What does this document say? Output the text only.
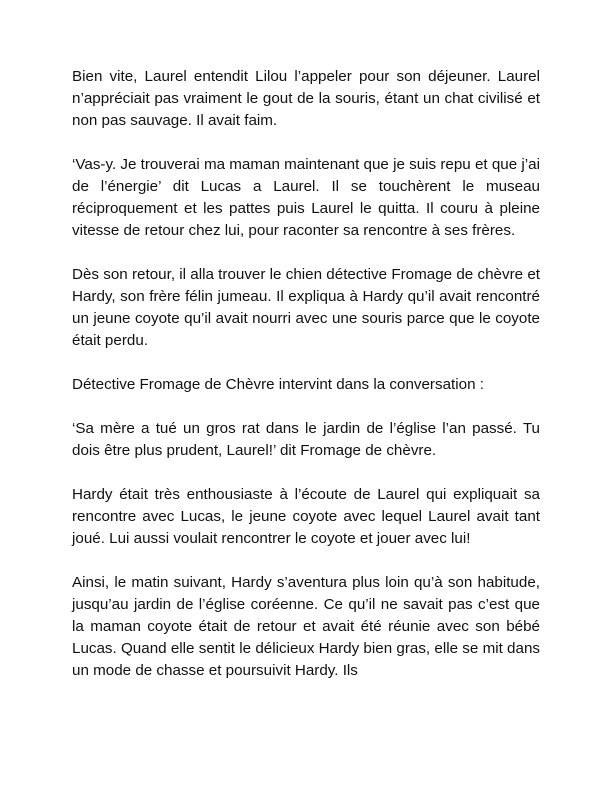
Bien vite, Laurel entendit Lilou l’appeler pour son déjeuner. Laurel n’appréciait pas vraiment le gout de la souris, étant un chat civilisé et non pas sauvage. Il avait faim.

‘Vas-y. Je trouverai ma maman maintenant que je suis repu et que j’ai de l’énergie’ dit Lucas a Laurel. Il se touchèrent le museau réciproquement et les pattes puis Laurel le quitta. Il couru à pleine vitesse de retour chez lui, pour raconter sa rencontre à ses frères.

Dès son retour, il alla trouver le chien détective Fromage de chèvre et Hardy, son frère félin jumeau. Il expliqua à Hardy qu’il avait rencontré un jeune coyote qu’il avait nourri avec une souris parce que le coyote était perdu.

Détective Fromage de Chèvre intervint dans la conversation :

‘Sa mère a tué un gros rat dans le jardin de l’église l’an passé. Tu dois être plus prudent, Laurel!’ dit Fromage de chèvre.

Hardy était très enthousiaste à l’écoute de Laurel qui expliquait sa rencontre avec Lucas, le jeune coyote avec lequel Laurel avait tant joué. Lui aussi voulait rencontrer le coyote et jouer avec lui!

Ainsi, le matin suivant, Hardy s’aventura plus loin qu’à son habitude, jusqu’au jardin de l’église coréenne. Ce qu’il ne savait pas c’est que la maman coyote était de retour et avait été réunie avec son bébé Lucas. Quand elle sentit le délicieux Hardy bien gras, elle se mit dans un mode de chasse et poursuivit Hardy. Ils
